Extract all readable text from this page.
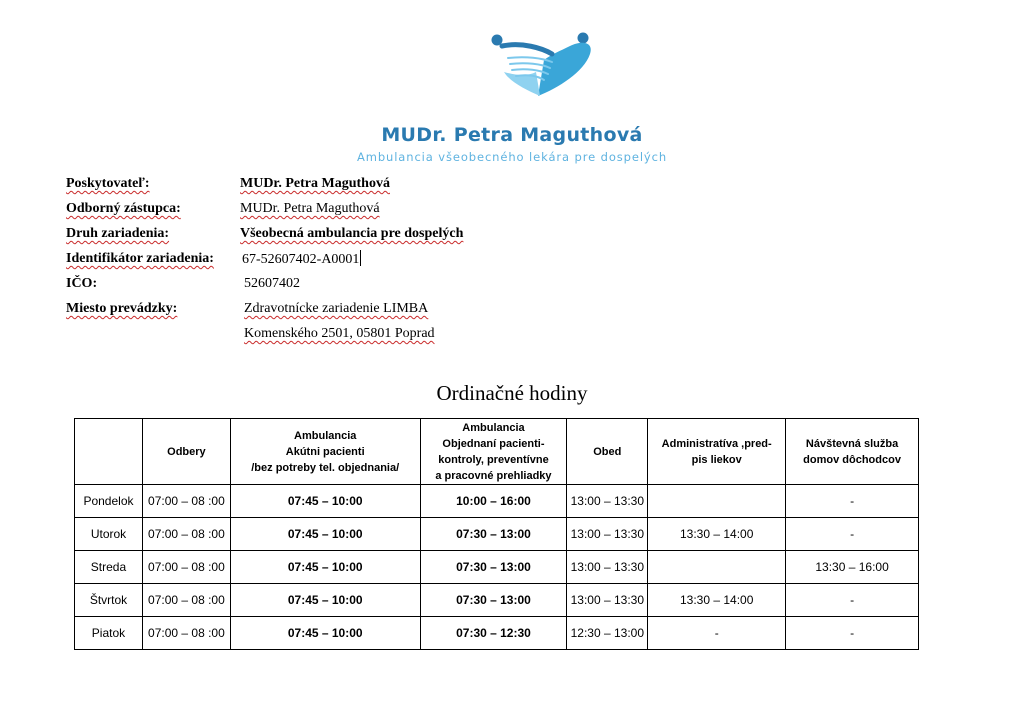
MUDr. Petra Maguthová
Ambulancia všeobecného lekára pre dospelých
Poskytovateľ:	MUDr. Petra Maguthová
Odborný zástupca:	MUDr. Petra Maguthová
Druh zariadenia:	Všeobecná ambulancia pre dospelých
Identifikátor zariadenia: 67-52607402-A0001
IČO:	52607402
Miesto prevádzky:	Zdravotnícke zariadenie LIMBA
Komenského 2501, 05801 Poprad
Ordinačné hodiny
	Odbery	Ambulancia
Akútni pacienti
/bez potreby tel. objednania/	Ambulancia
Objednaní pacienti-
kontroly, preventívne
a pracovné prehliadky	Obed	Administratíva ,pred-
pis liekov	Návštevná služba
domov dôchodcov
Pondelok	07:00 – 08 :00	07:45 – 10:00	10:00 – 16:00	13:00 – 13:30		-
Utorok	07:00 – 08 :00	07:45 – 10:00	07:30 – 13:00	13:00 – 13:30	13:30 – 14:00	-
Streda	07:00 – 08 :00	07:45 – 10:00	07:30 – 13:00	13:00 – 13:30		13:30 – 16:00
Štvrtok	07:00 – 08 :00	07:45 – 10:00	07:30 – 13:00	13:00 – 13:30	13:30 – 14:00	-
Piatok	07:00 – 08 :00	07:45 – 10:00	07:30 – 12:30	12:30 – 13:00	-	-
